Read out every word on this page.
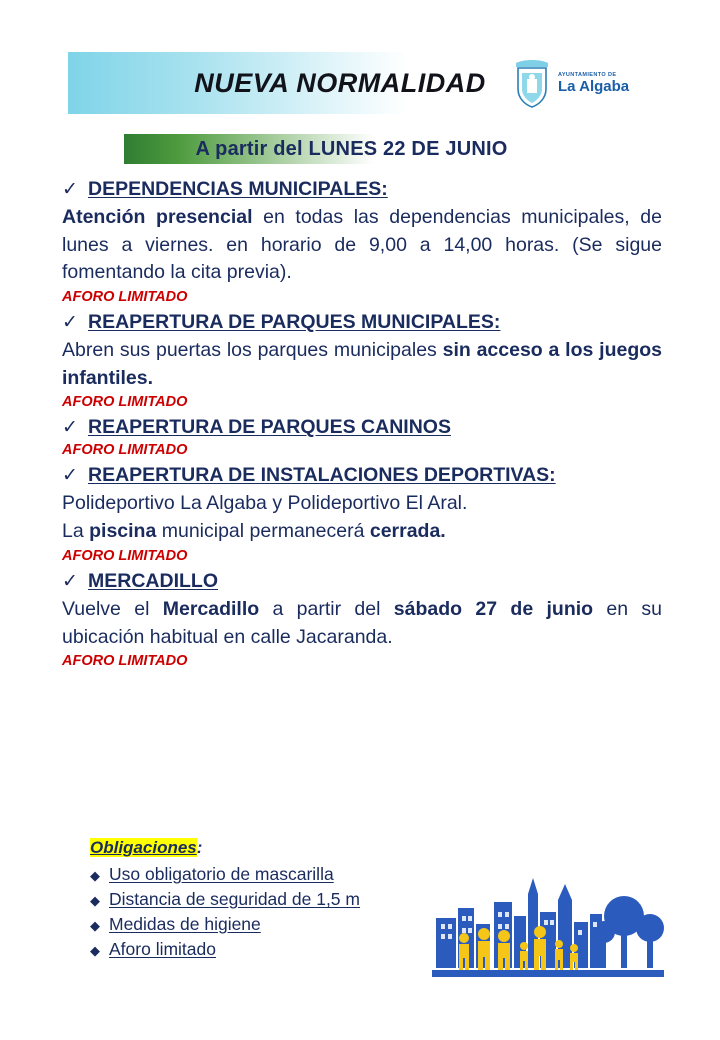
NUEVA NORMALIDAD	AYUNTAMIENTO DE
La Algaba
A partir del LUNES 22 DE JUNIO
✓ DEPENDENCIAS MUNICIPALES:
Atención presencial en todas las dependencias municipales, de lunes a viernes. en horario de 9,00 a 14,00 horas. (Se sigue fomentando la cita previa).
AFORO LIMITADO
✓ REAPERTURA DE PARQUES MUNICIPALES:
Abren sus puertas los parques municipales sin acceso a los juegos infantiles.
AFORO LIMITADO
✓ REAPERTURA DE PARQUES CANINOS
AFORO LIMITADO
✓ REAPERTURA DE INSTALACIONES DEPORTIVAS:
Polideportivo La Algaba y Polideportivo El Aral.
La piscina municipal permanecerá cerrada.
AFORO LIMITADO
✓ MERCADILLO
Vuelve el Mercadillo a partir del sábado 27 de junio en su ubicación habitual en calle Jacaranda.
AFORO LIMITADO
Obligaciones:
◆ Uso obligatorio de mascarilla
◆ Distancia de seguridad de 1,5 m
◆ Medidas de higiene
◆ Aforo limitado
